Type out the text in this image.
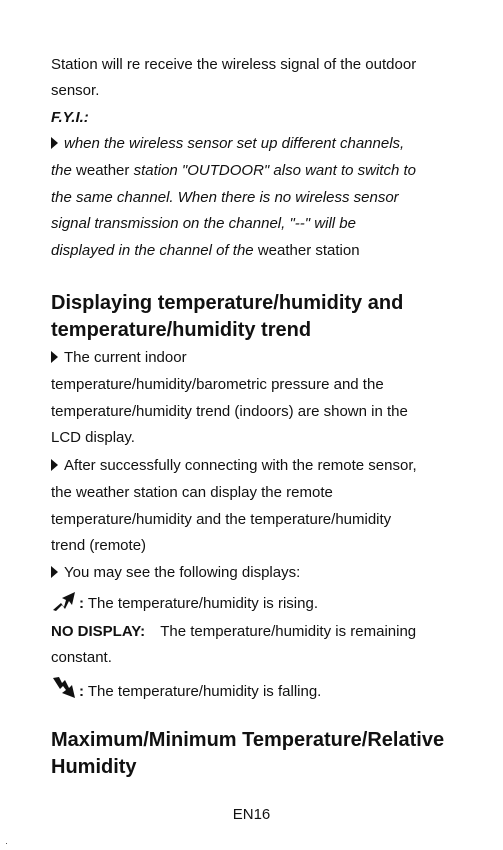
Station will re receive the wireless signal of the outdoor
sensor.
F.Y.I.:
when the wireless sensor set up different channels,
the weather station "OUTDOOR" also want to switch to
the same channel. When there is no wireless sensor
signal transmission on the channel, "--" will be
displayed in the channel of the weather station
Displaying temperature/humidity and
temperature/humidity trend
The current indoor
temperature/humidity/barometric pressure and the
temperature/humidity trend (indoors) are shown in the
LCD display.
After successfully connecting with the remote sensor,
the weather station can display the remote
temperature/humidity and the temperature/humidity
trend (remote)
You may see the following displays:
: The temperature/humidity is rising.
NO DISPLAY: The temperature/humidity is remaining
constant.
: The temperature/humidity is falling.
Maximum/Minimum Temperature/Relative
Humidity
EN16
